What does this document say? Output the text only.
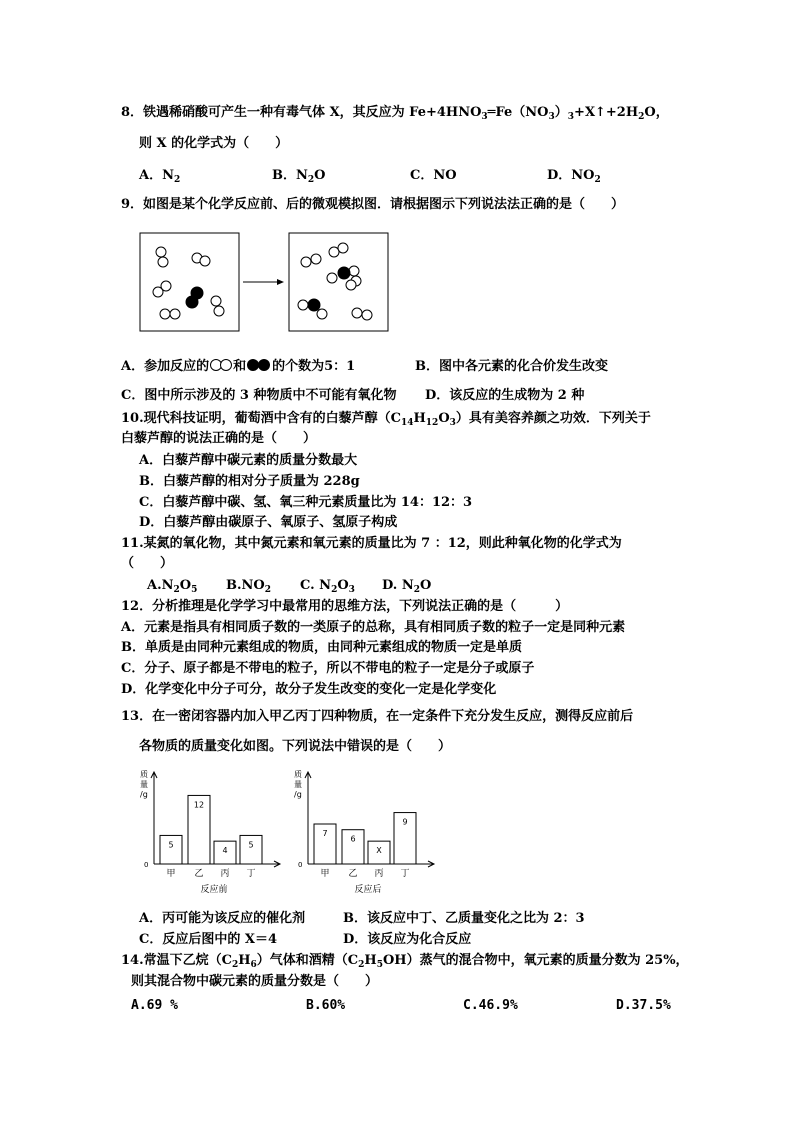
8．铁遇稀硝酸可产生一种有毒气体 X，其反应为 $Fe+4HNO_3═Fe(NO_3)_3+X↑+2H_2O$，
则 X 的化学式为（　　）
A．$N_2$	B．$N_2O$	C．NO	D．$NO_2$
9．如图是某个化学反应前、后的微观模拟图．请根据图示下列说法法正确的是（　　）
A．参加反应的 和 的个数为5：1	B．图中各元素的化合价发生改变
C．图中所示涉及的 3 种物质中不可能有氧化物 D．该反应的生成物为 2 种
10.现代科技证明，葡萄酒中含有的白藜芦醇$(C_{14}H_{12}O_3)$具有美容养颜之功效．下列关于
白藜芦醇的说法正确的是（　　）
A．白藜芦醇中碳元素的质量分数最大
B．白藜芦醇的相对分子质量为 228g
C．白藜芦醇中碳、氢、氧三种元素质量比为 14：12：3
D．白藜芦醇由碳原子、氧原子、氢原子构成
11.某氮的氧化物，其中氮元素和氧元素的质量比为 7 ：12，则此种氧化物的化学式为
（　　）
$A.N_2O_5$ $B.NO_2$ C. $N_2O_3$ D. $N_2O$
12．分析推理是化学学习中最常用的思维方法，下列说法正确的是（　　　）
A．元素是指具有相同质子数的一类原子的总称，具有相同质子数的粒子一定是同种元素
B．单质是由同种元素组成的物质，由同种元素组成的物质一定是单质
C．分子、原子都是不带电的粒子，所以不带电的粒子一定是分子或原子
D．化学变化中分子可分，故分子发生改变的变化一定是化学变化
13．在一密闭容器内加入甲乙丙丁四种物质，在一定条件下充分发生反应，测得反应前后
各物质的质量变化如图。下列说法中错误的是（　　）
质
量
/g
0
5
甲
12
乙
4
丙
5
丁
反应前
质
量
/g
0
7
甲
6
乙
X
丙
9
丁
反应后
A．丙可能为该反应的催化剂	B．该反应中丁、乙质量变化之比为 2：3
C．反应后图中的 X＝4	D．该反应为化合反应
14.常温下乙烷$(C_2H_6)$气体和酒精$(C_2H_5OH)$蒸气的混合物中，氧元素的质量分数为 25%，
则其混合物中碳元素的质量分数是（　　）
A.69 %	B.60%	C.46.9%	D.37.5%
